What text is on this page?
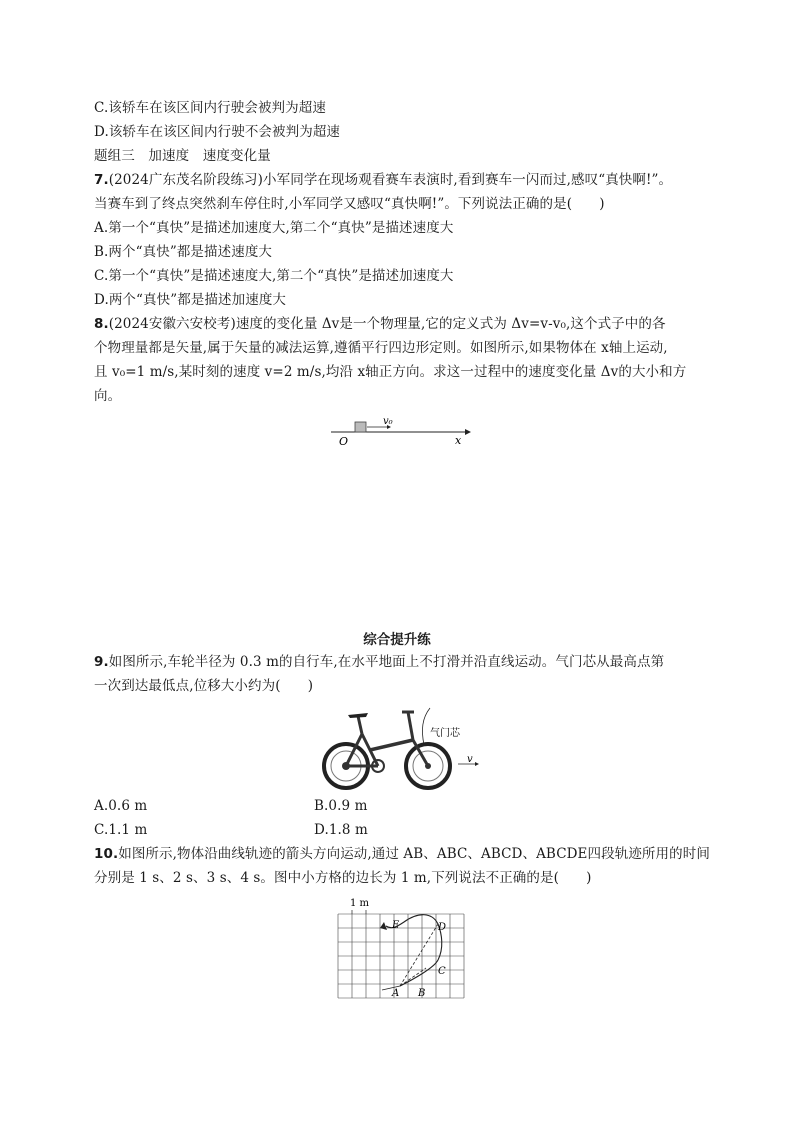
C.该轿车在该区间内行驶会被判为超速
D.该轿车在该区间内行驶不会被判为超速
题组三　加速度　速度变化量
7.(2024广东茂名阶段练习)小军同学在现场观看赛车表演时,看到赛车一闪而过,感叹“真快啊!”。
当赛车到了终点突然刹车停住时,小军同学又感叹“真快啊!”。下列说法正确的是(　　)
A.第一个“真快”是描述加速度大,第二个“真快”是描述速度大
B.两个“真快”都是描述速度大
C.第一个“真快”是描述速度大,第二个“真快”是描述加速度大
D.两个“真快”都是描述加速度大
8.(2024安徽六安校考)速度的变化量 Δv是一个物理量,它的定义式为 Δv=v-v₀,这个式子中的各
个物理量都是矢量,属于矢量的减法运算,遵循平行四边形定则。如图所示,如果物体在 x轴上运动,
且 v₀=1 m/s,某时刻的速度 v=2 m/s,均沿 x轴正方向。求这一过程中的速度变化量 Δv的大小和方
向。
v₀
O	x
综合提升练
9.如图所示,车轮半径为 0.3 m的自行车,在水平地面上不打滑并沿直线运动。气门芯从最高点第
一次到达最低点,位移大小约为(　　)
气门芯
v
A.0.6 m	B.0.9 m
C.1.1 m	D.1.8 m
10.如图所示,物体沿曲线轨迹的箭头方向运动,通过 AB、ABC、ABCD、ABCDE四段轨迹所用的时间
分别是 1 s、2 s、3 s、4 s。图中小方格的边长为 1 m,下列说法不正确的是(　　)
1 m
A B
C
D
E
